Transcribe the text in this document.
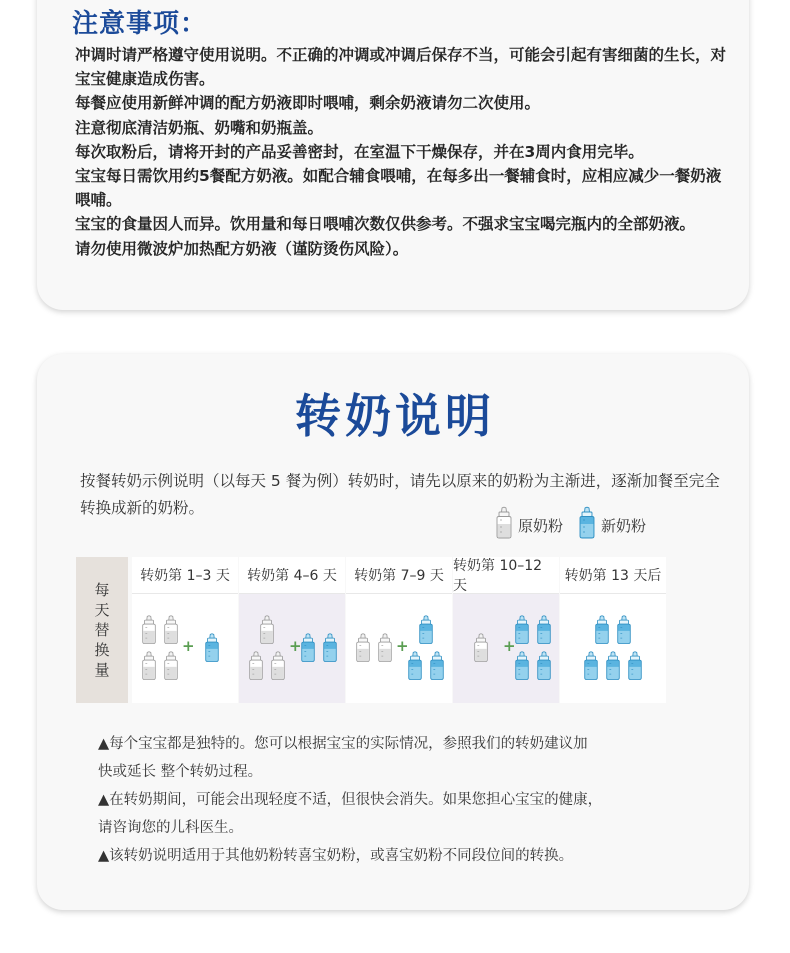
注意事项：
冲调时请严格遵守使用说明。不正确的冲调或冲调后保存不当，可能会引起有害细菌的生长，对宝宝健康造成伤害。
每餐应使用新鲜冲调的配方奶液即时喂哺，剩余奶液请勿二次使用。
注意彻底清洁奶瓶、奶嘴和奶瓶盖。
每次取粉后，请将开封的产品妥善密封，在室温下干燥保存，并在3周内食用完毕。
宝宝每日需饮用约5餐配方奶液。如配合辅食喂哺，在每多出一餐辅食时，应相应减少一餐奶液喂哺。
宝宝的食量因人而异。饮用量和每日喂哺次数仅供参考。不强求宝宝喝完瓶内的全部奶液。
请勿使用微波炉加热配方奶液（谨防烫伤风险）。
转奶说明
按餐转奶示例说明（以每天 5 餐为例）转奶时，请先以原来的奶粉为主渐进，逐渐加餐至完全转换成新的奶粉。
原奶粉	新奶粉
每
天
替
换
量
转奶第 1–3 天
+
转奶第 4–6 天
+
转奶第 7–9 天
+
转奶第 10–12 天
+
转奶第 13 天后
▲每个宝宝都是独特的。您可以根据宝宝的实际情况，参照我们的转奶建议加
快或延长 整个转奶过程。
▲在转奶期间，可能会出现轻度不适，但很快会消失。如果您担心宝宝的健康，
请咨询您的儿科医生。
▲该转奶说明适用于其他奶粉转喜宝奶粉，或喜宝奶粉不同段位间的转换。
